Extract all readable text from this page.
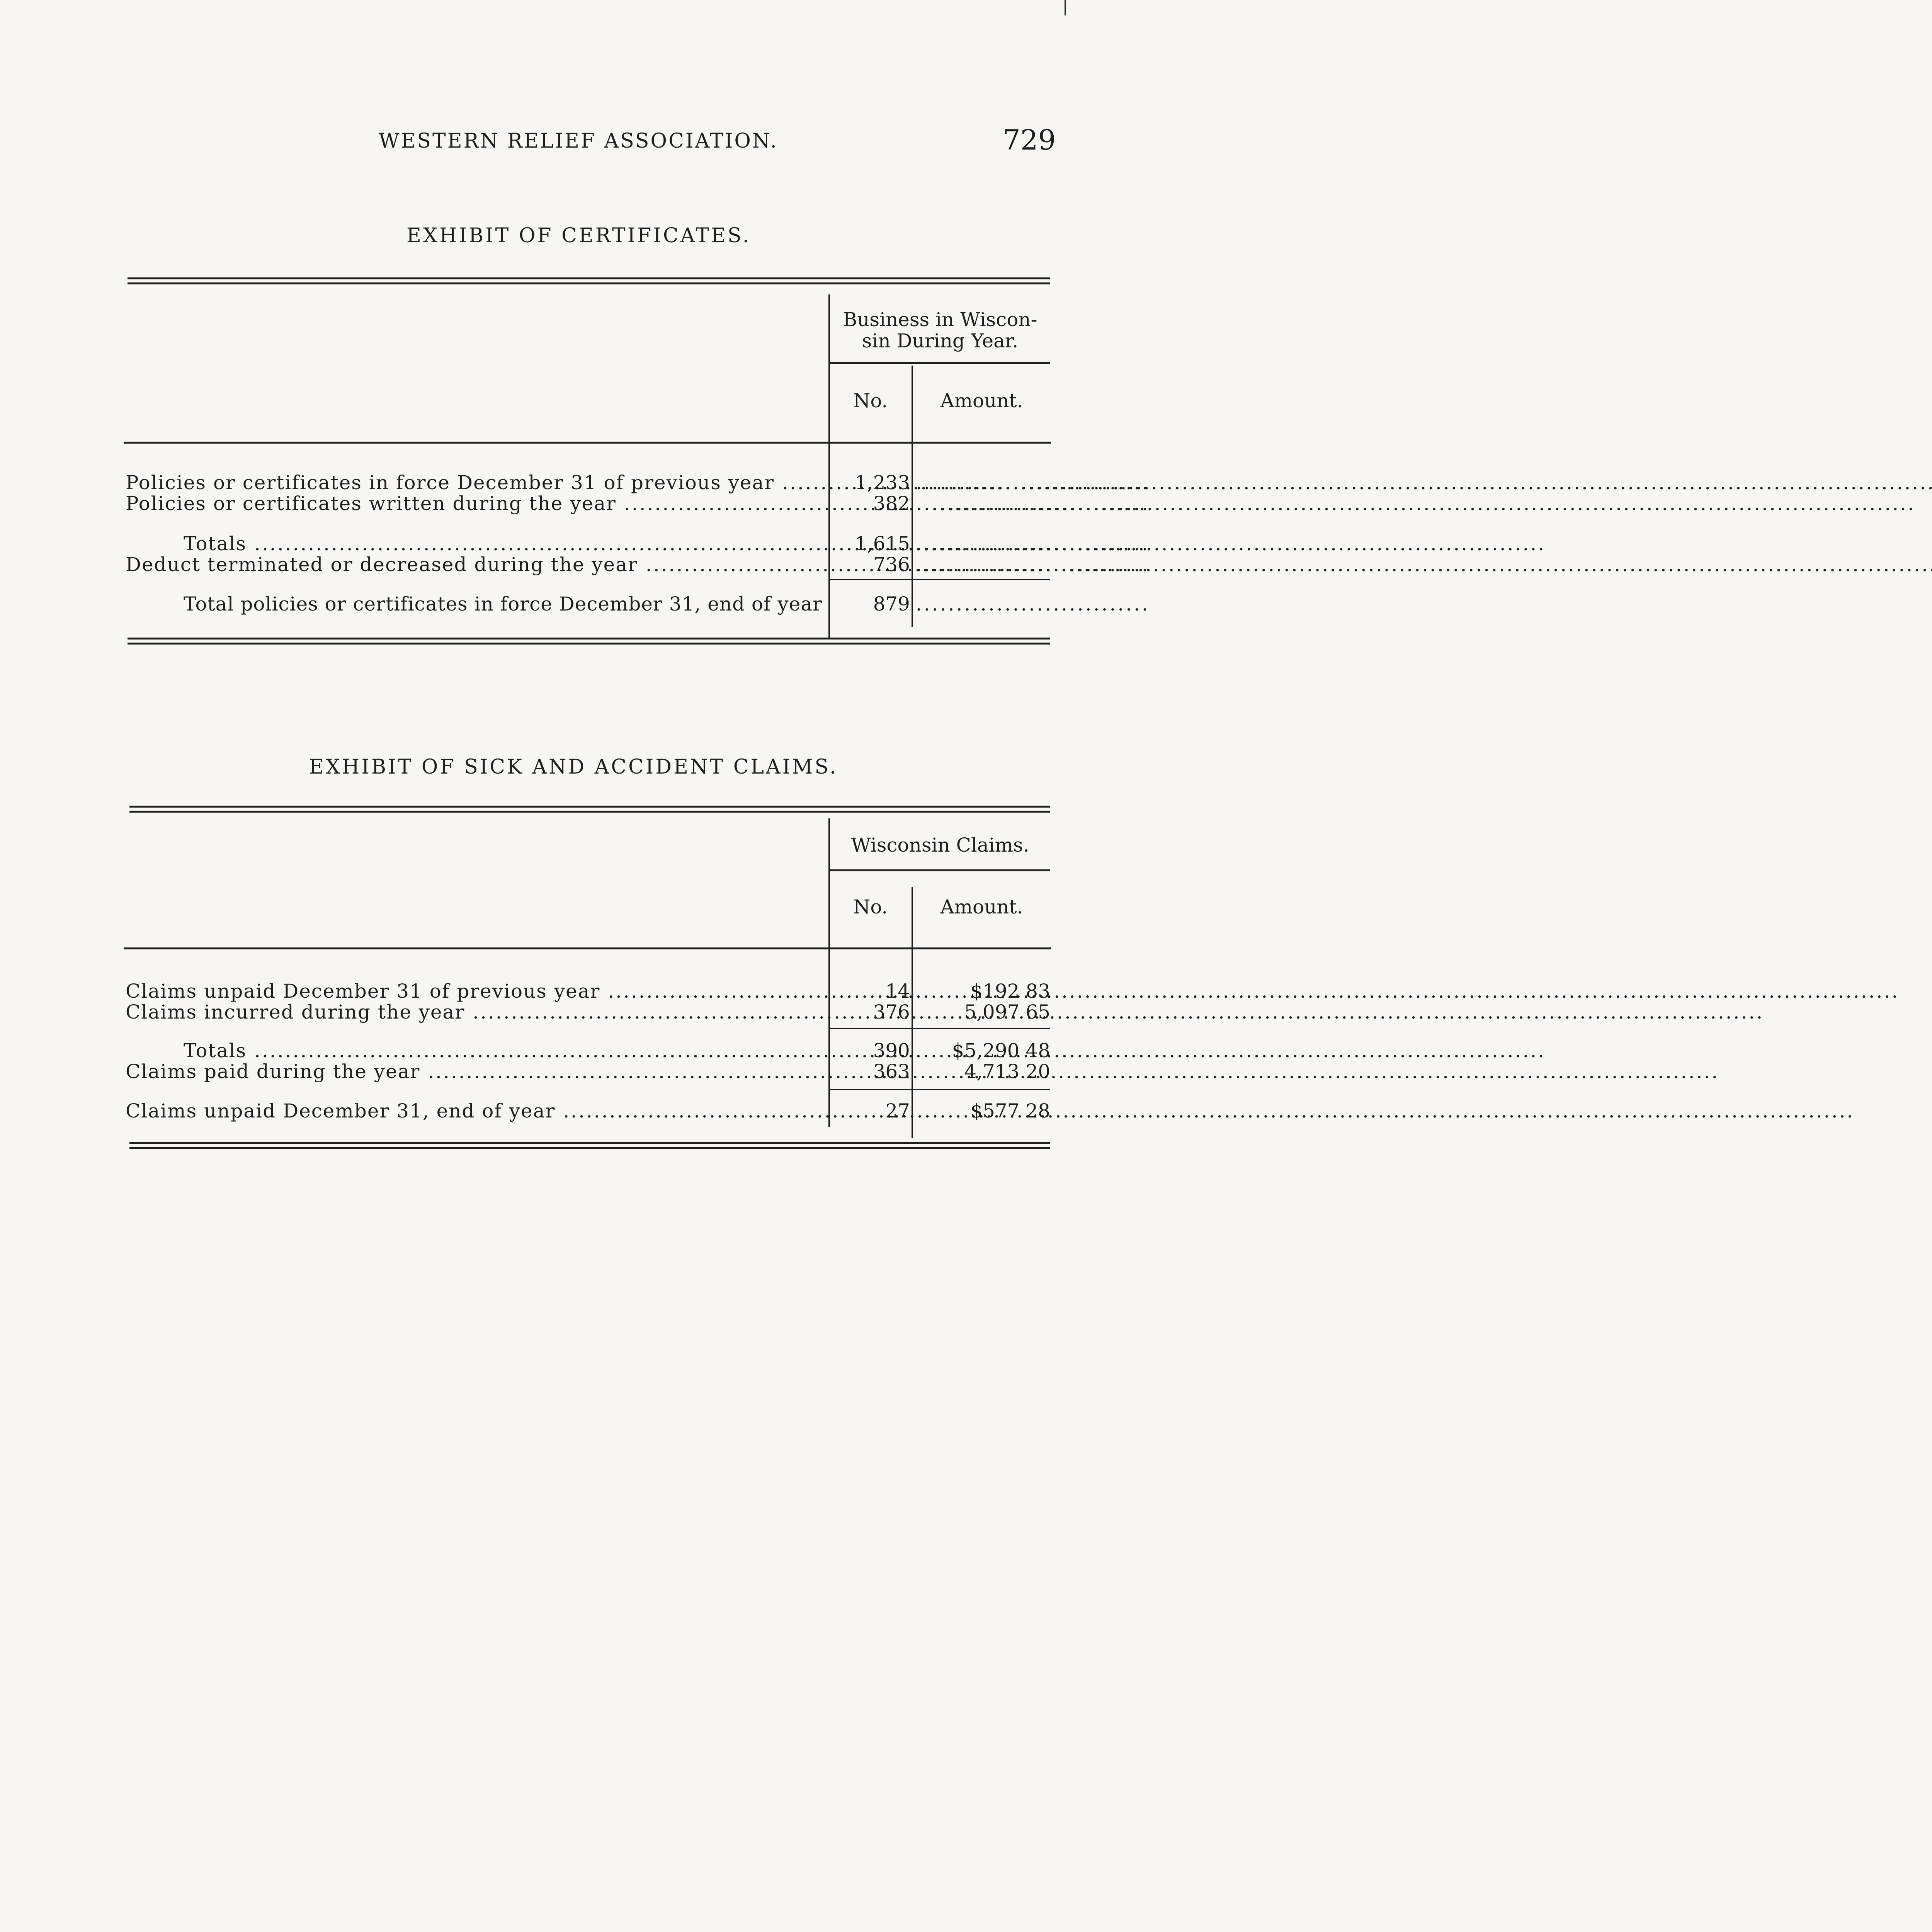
WESTERN RELIEF ASSOCIATION.	729
EXHIBIT OF CERTIFICATES.
Business in Wiscon-
sin During Year.
No.	Amount.
Policies or certificates in force December 31 of previous year .....	1,233 .............................
Policies or certificates written during the year .....	382 .............................
Totals .....	1,615 .............................
Deduct terminated or decreased during the year .....	736 .............................
Total policies or certificates in force December 31, end of year	879 .............................
EXHIBIT OF SICK AND ACCIDENT CLAIMS.
Wisconsin Claims.
No.	Amount.
Claims unpaid December 31 of previous year .....	14	$192 83
Claims incurred during the year .....	376	5,097 65
Totals .....	390	$5,290 48
Claims paid during the year .....	363	4,713 20
Claims unpaid December 31, end of year .....	27	$577 28
